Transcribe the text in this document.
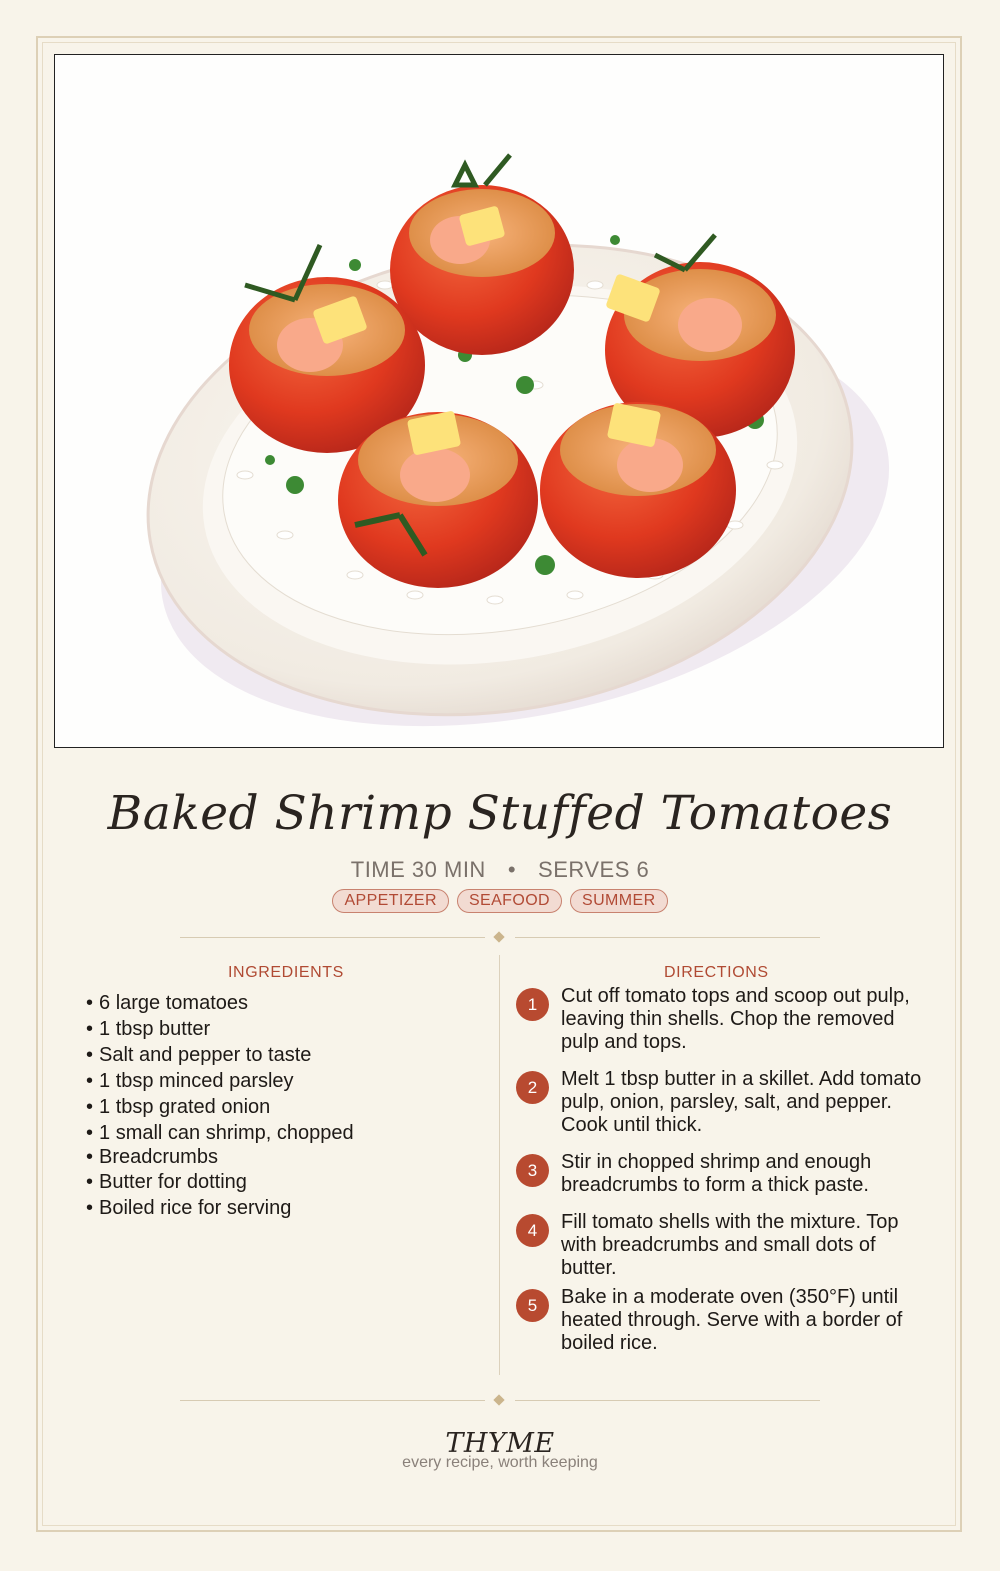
Baked Shrimp Stuffed Tomatoes
TIME 30 MIN • SERVES 6
APPETIZER SEAFOOD SUMMER
INGREDIENTS
• 6 large tomatoes
• 1 tbsp butter
• Salt and pepper to taste
• 1 tbsp minced parsley
• 1 tbsp grated onion
• 1 small can shrimp, chopped
• Breadcrumbs
• Butter for dotting
• Boiled rice for serving
DIRECTIONS
1	Cut off tomato tops and scoop out pulp, leaving thin shells. Chop the removed pulp and tops.
2	Melt 1 tbsp butter in a skillet. Add tomato pulp, onion, parsley, salt, and pepper. Cook until thick.
3	Stir in chopped shrimp and enough breadcrumbs to form a thick paste.
4	Fill tomato shells with the mixture. Top with breadcrumbs and small dots of butter.
5	Bake in a moderate oven (350°F) until heated through. Serve with a border of boiled rice.
THYME
every recipe, worth keeping
